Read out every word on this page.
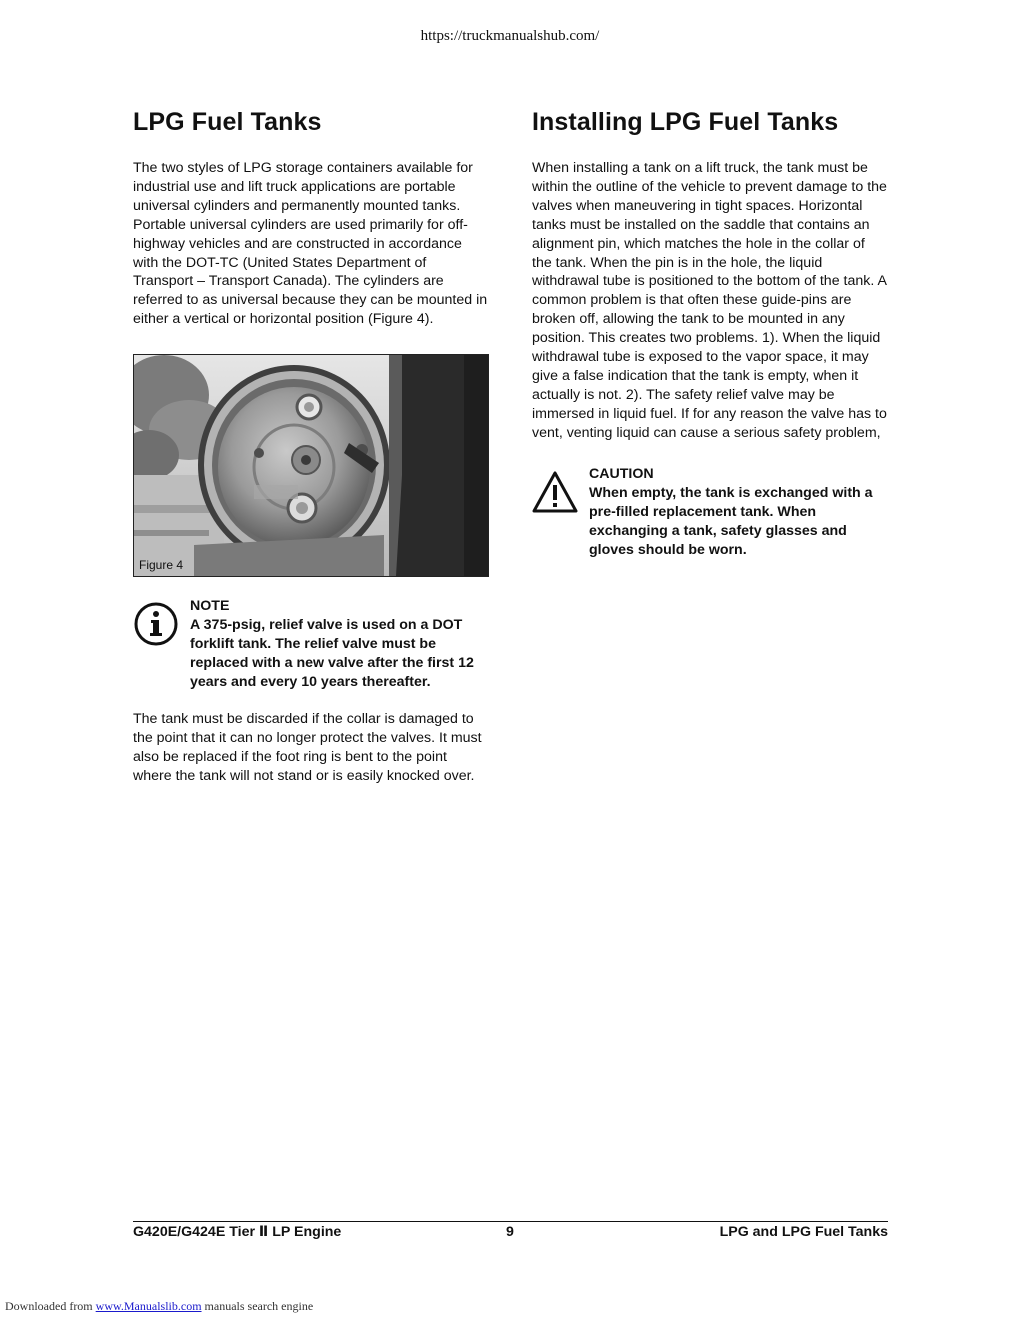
https://truckmanualshub.com/
LPG Fuel Tanks

The two styles of LPG storage containers available for industrial use and lift truck applications are portable universal cylinders and permanently mounted tanks. Portable universal cylinders are used primarily for off-highway vehicles and are constructed in accordance with the DOT-TC (United States Department of Transport – Transport Canada). The cylinders are referred to as universal because they can be mounted in either a vertical or horizontal position (Figure 4).

Figure 4
NOTE
A 375-psig, relief valve is used on a DOT forklift tank. The relief valve must be replaced with a new valve after the first 12 years and every 10 years thereafter.

The tank must be discarded if the collar is damaged to the point that it can no longer protect the valves. It must also be replaced if the foot ring is bent to the point where the tank will not stand or is easily knocked over.

Installing LPG Fuel Tanks

When installing a tank on a lift truck, the tank must be within the outline of the vehicle to prevent damage to the valves when maneuvering in tight spaces. Horizontal tanks must be installed on the saddle that contains an alignment pin, which matches the hole in the collar of the tank. When the pin is in the hole, the liquid withdrawal tube is positioned to the bottom of the tank. A common problem is that often these guide-pins are broken off, allowing the tank to be mounted in any position. This creates two problems. 1). When the liquid withdrawal tube is exposed to the vapor space, it may give a false indication that the tank is empty, when it actually is not. 2). The safety relief valve may be immersed in liquid fuel. If for any reason the valve has to vent, venting liquid can cause a serious safety problem,

CAUTION
When empty, the tank is exchanged with a pre-filled replacement tank. When exchanging a tank, safety glasses and gloves should be worn.
G420E/G424E Tier Ⅱ LP Engine	9	LPG and LPG Fuel Tanks
Downloaded from www.Manualslib.com manuals search engine
